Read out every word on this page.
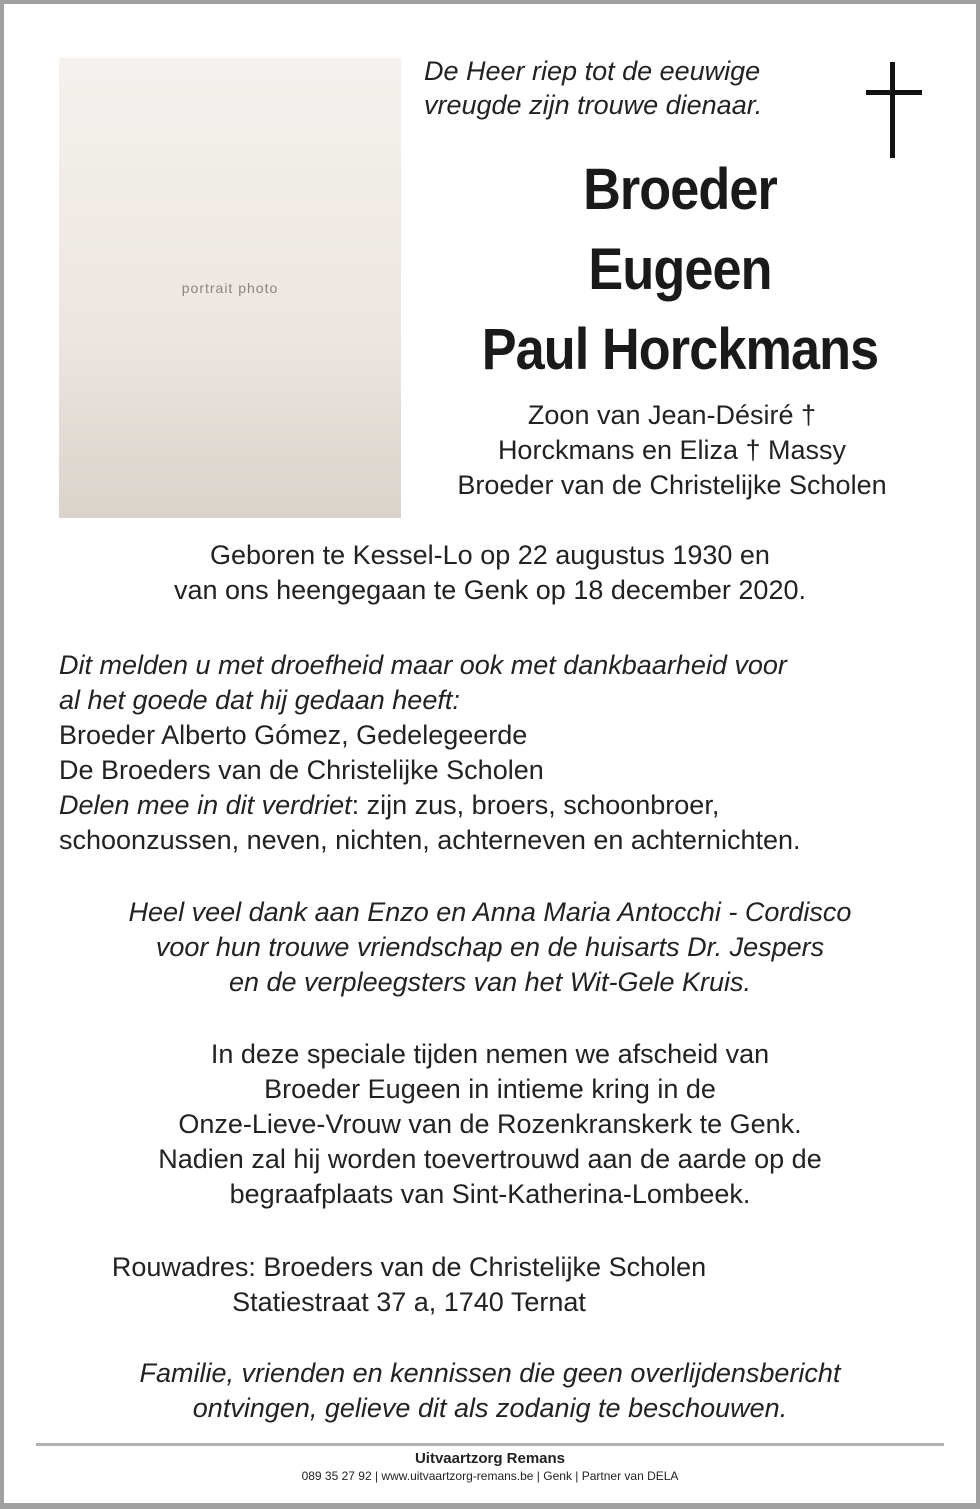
portrait photo
De Heer riep tot de eeuwige
vreugde zijn trouwe dienaar.
Broeder
Eugeen
Paul Horckmans
Zoon van Jean-Désiré †
Horckmans en Eliza † Massy
Broeder van de Christelijke Scholen
Geboren te Kessel-Lo op 22 augustus 1930 en
van ons heengegaan te Genk op 18 december 2020.
Dit melden u met droefheid maar ook met dankbaarheid voor
al het goede dat hij gedaan heeft:
Broeder Alberto Gómez, Gedelegeerde
De Broeders van de Christelijke Scholen
Delen mee in dit verdriet: zijn zus, broers, schoonbroer,
schoonzussen, neven, nichten, achterneven en achternichten.
Heel veel dank aan Enzo en Anna Maria Antocchi - Cordisco
voor hun trouwe vriendschap en de huisarts Dr. Jespers
en de verpleegsters van het Wit-Gele Kruis.
In deze speciale tijden nemen we afscheid van
Broeder Eugeen in intieme kring in de
Onze-Lieve-Vrouw van de Rozenkranskerk te Genk.
Nadien zal hij worden toevertrouwd aan de aarde op de
begraafplaats van Sint-Katherina-Lombeek.
Rouwadres: Broeders van de Christelijke Scholen
Statiestraat 37 a, 1740 Ternat
Familie, vrienden en kennissen die geen overlijdensbericht
ontvingen, gelieve dit als zodanig te beschouwen.
Uitvaartzorg Remans
089 35 27 92 | www.uitvaartzorg-remans.be | Genk | Partner van DELA
